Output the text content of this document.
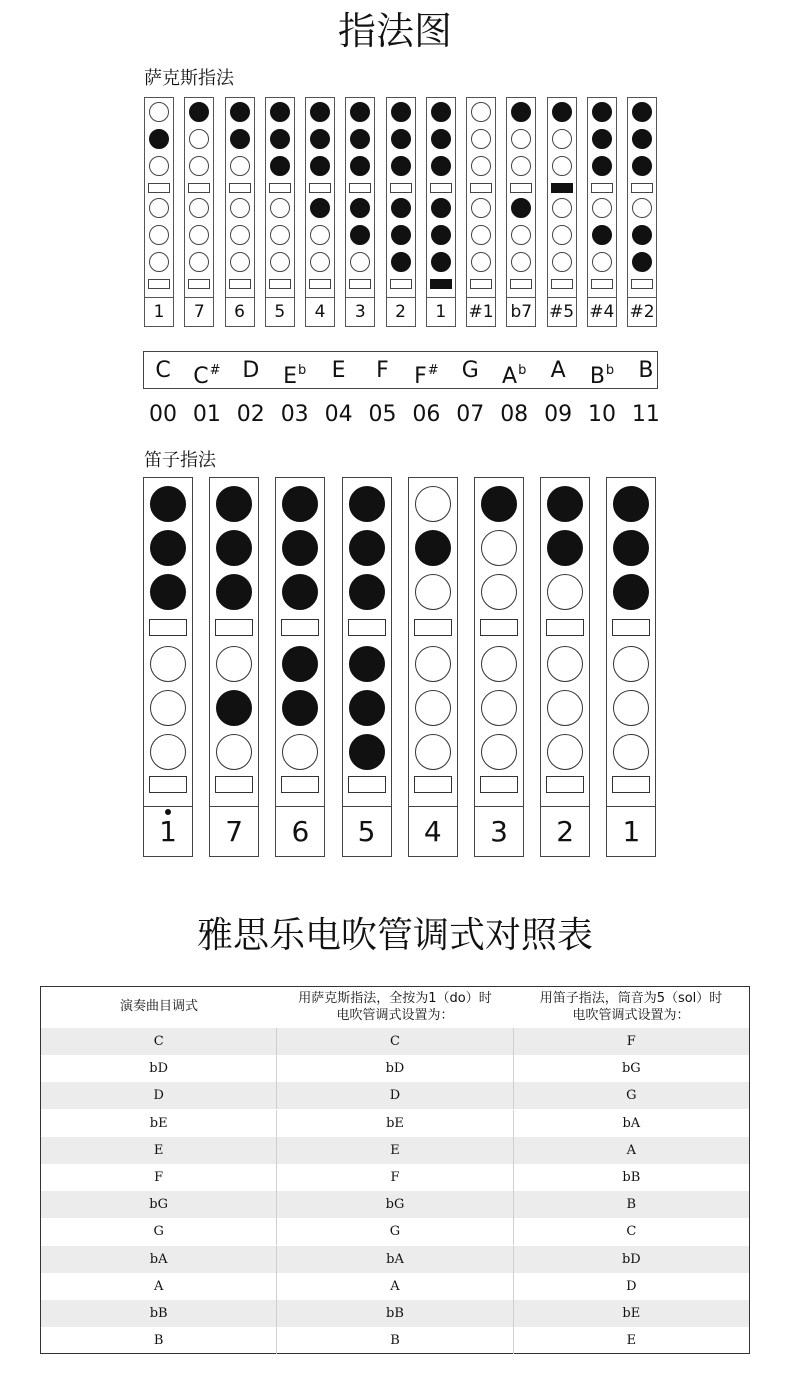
指法图
萨克斯指法
1	7	6	5	4	3	2	1	#1 b7 #5 #4 #2
C	C# D	$E^b$	E	F	F#	G	$A^b$	A	$B^b$	B
00 01 02 03 04 05 06 07 08 09 10 11
笛子指法
1	7	6	5	4	3	2	1
雅思乐电吹管调式对照表
演奏曲目调式
用萨克斯指法，全按为1（do）时
电吹管调式设置为：
用笛子指法，筒音为5（sol）时
电吹管调式设置为：
C	C	F
bD	bD	bG
D	D	G
bE	bE	bA
E	E	A
F	F	bB
bG	bG	B
G	G	C
bA	bA	bD
A	A	D
bB	bB	bE
B	B	E
